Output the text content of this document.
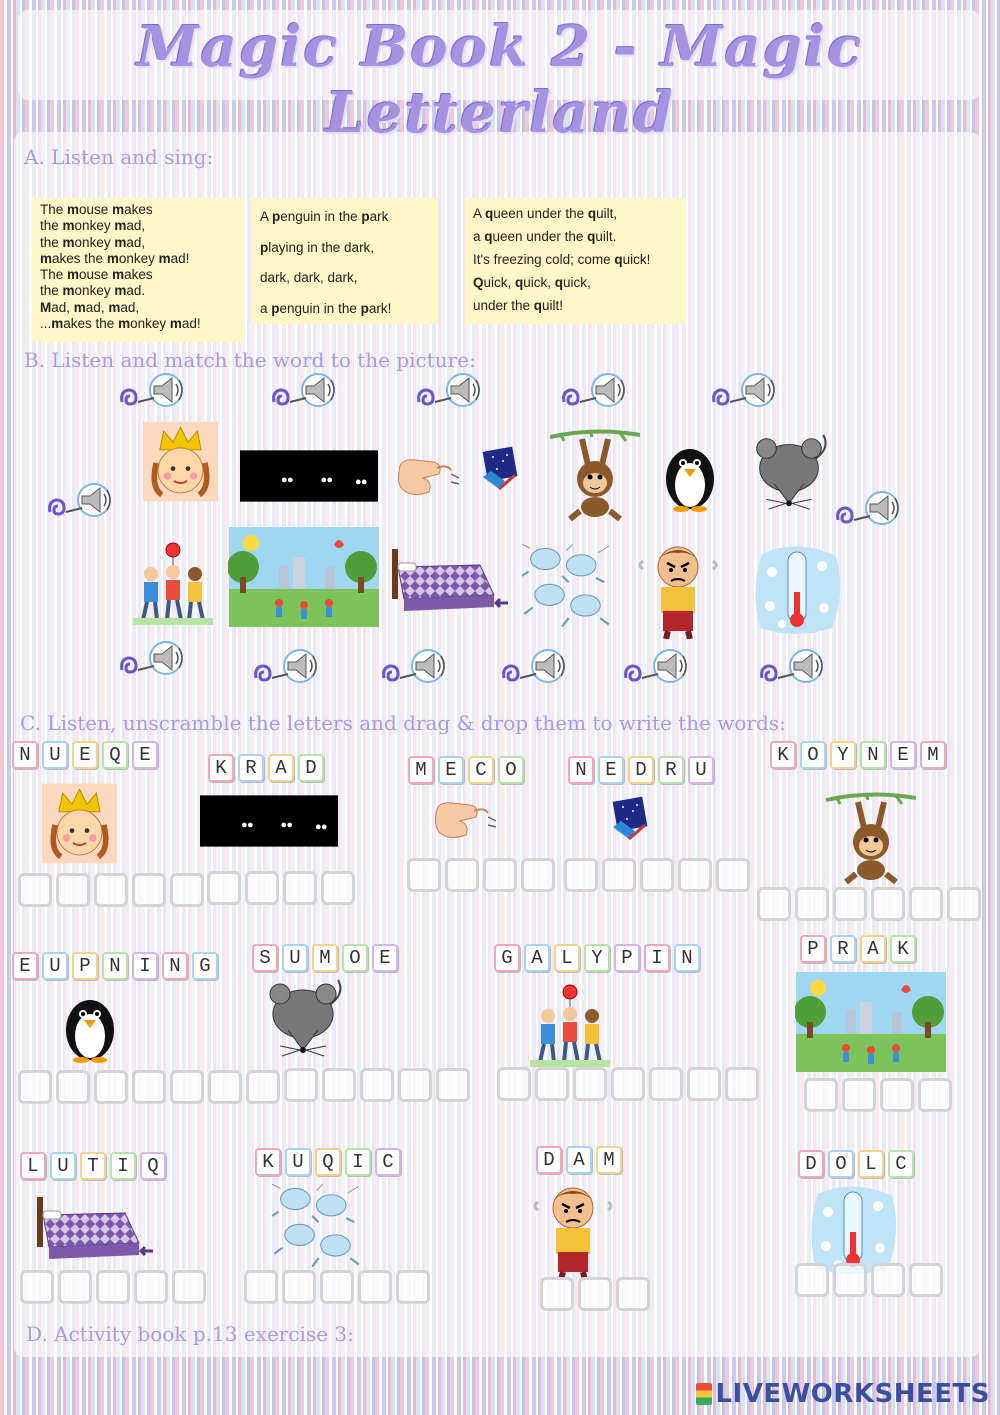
Magic Book 2 - Magic Letterland
A. Listen and sing:
The mouse makes
the monkey mad,
the monkey mad,
makes the monkey mad!
The mouse makes
the monkey mad.
Mad, mad, mad,
...makes the monkey mad!
A penguin in the park
playing in the dark,
dark, dark, dark,
a penguin in the park!
A queen under the quilt,
a queen under the quilt.
It's freezing cold; come quick!
Quick, quick, quick,
under the quilt!
B. Listen and match the word to the picture:
C. Listen, unscramble the letters and drag & drop them to write the words:
N U E Q E
K R A D	M E C O	N E D R U
K O Y N E M
E U P N I N G	S U M O E	G A L Y P I N	P R A K
L U T I Q	K U Q I C	D A M	D O L C
D. Activity book p.13 exercise 3:
LIVEWORKSHEETS
